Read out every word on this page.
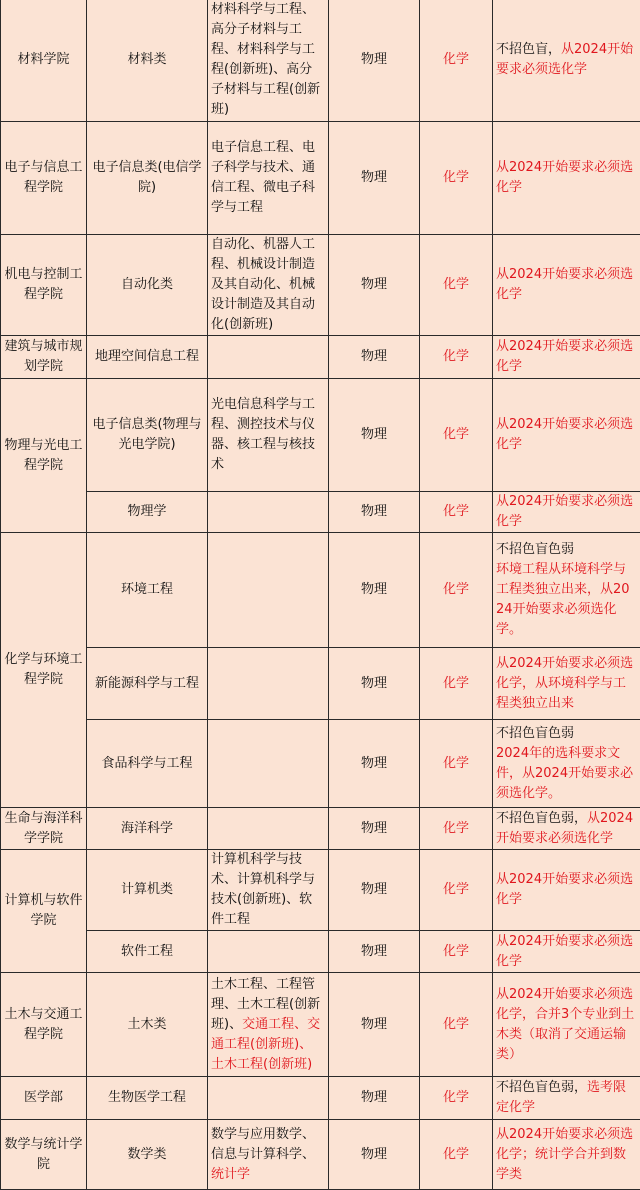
材料学院	材料类	材料科学与工程、高分子材料与工程、材料科学与工程(创新班)、高分子材料与工程(创新班)	物理	化学	不招色盲，从2024开始要求必须选化学
电子与信息工程学院	电子信息类(电信学院)	电子信息工程、电子科学与技术、通信工程、微电子科学与工程	物理	化学	从2024开始要求必须选化学
机电与控制工程学院	自动化类	自动化、机器人工程、机械设计制造及其自动化、机械设计制造及其自动化(创新班)	物理	化学	从2024开始要求必须选化学
建筑与城市规划学院	地理空间信息工程		物理	化学	从2024开始要求必须选化学
物理与光电工程学院	电子信息类(物理与光电学院)	光电信息科学与工程、测控技术与仪器、核工程与核技术	物理	化学	从2024开始要求必须选化学
	物理学		物理	化学	从2024开始要求必须选化学
化学与环境工程学院	环境工程		物理	化学	不招色盲色弱
环境工程从环境科学与工程类独立出来，从2024开始要求必须选化学。
	新能源科学与工程		物理	化学	从2024开始要求必须选化学，从环境科学与工程类独立出来
	食品科学与工程		物理	化学	不招色盲色弱
2024年的选科要求文件，从2024开始要求必须选化学。
生命与海洋科学学院	海洋科学		物理	化学	不招色盲色弱，从2024开始要求必须选化学
计算机与软件学院	计算机类	计算机科学与技术、计算机科学与技术(创新班)、软件工程	物理	化学	从2024开始要求必须选化学
	软件工程		物理	化学	从2024开始要求必须选化学
土木与交通工程学院	土木类	土木工程、工程管理、土木工程(创新班)、交通工程、交通工程(创新班)、土木工程(创新班)	物理	化学	从2024开始要求必须选化学，合并3个专业到土木类（取消了交通运输类）
医学部	生物医学工程		物理	化学	不招色盲色弱，选考限定化学
数学与统计学院	数学类	数学与应用数学、信息与计算科学、统计学	物理	化学	从2024开始要求必须选化学；统计学合并到数学类
